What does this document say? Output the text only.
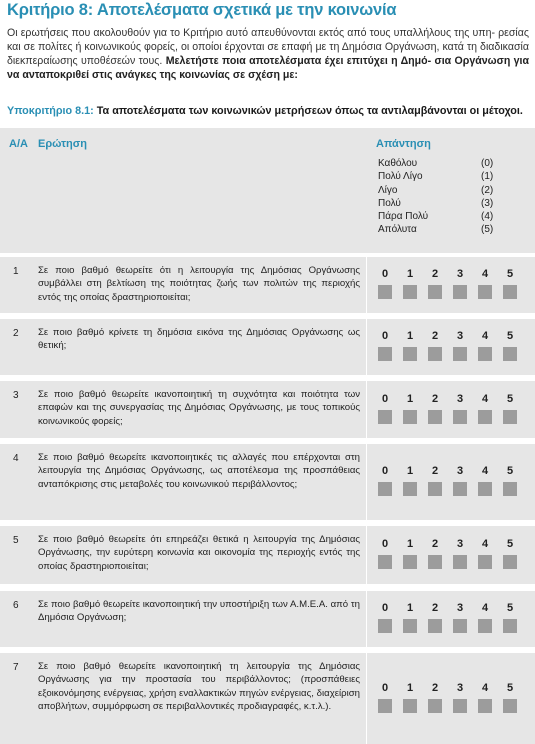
Κριτήριο 8: Αποτελέσματα σχετικά με την κοινωνία
Οι ερωτήσεις που ακολουθούν για το Κριτήριο αυτό απευθύνονται εκτός από τους υπαλλήλους της υπη- ρεσίας και σε πολίτες ή κοινωνικούς φορείς, οι οποίοι έρχονται σε επαφή με τη Δημόσια Οργάνωση, κατά τη διαδικασία διεκπεραίωσης υποθέσεών τους. Μελετήστε ποια αποτελέσματα έχει επιτύχει η Δημό- σια Οργάνωση για να ανταποκριθεί στις ανάγκες της κοινωνίας σε σχέση με:
Υποκριτήριο 8.1: Τα αποτελέσματα των κοινωνικών μετρήσεων όπως τα αντιλαμβάνονται οι μέτοχοι.
Α/Α Ερώτηση	Απάντηση
Καθόλου	(0)
Πολύ Λίγο	(1)
Λίγο	(2)
Πολύ	(3)
Πάρα Πολύ	(4)
Απόλυτα	(5)
1 Σε ποιο βαθμό θεωρείτε ότι η λειτουργία της Δημόσιας Οργάνωσης συμβάλλει στη βελτίωση της ποιότητας ζωής των πολιτών της περιοχής εντός της οποίας δραστηριοποιείται;
0	1	2	3	4	5
2 Σε ποιο βαθμό κρίνετε τη δημόσια εικόνα της Δημόσιας Οργάνωσης ως θετική;
0	1	2	3	4	5
3 Σε ποιο βαθμό θεωρείτε ικανοποιητική τη συχνότητα και ποιότητα των επαφών και της συνεργασίας της Δημόσιας Οργάνωσης, με τους τοπικούς κοινωνικούς φορείς;
0	1	2	3	4	5
4 Σε ποιο βαθμό θεωρείτε ικανοποιητικές τις αλλαγές που επέρχονται στη λειτουργία της Δημόσιας Οργάνωσης, ως αποτέλεσμα της προσπάθειας ανταπόκρισης στις μεταβολές του κοινωνικού περιβάλλοντος;
0	1	2	3	4	5
5 Σε ποιο βαθμό θεωρείτε ότι επηρεάζει θετικά η λειτουργία της Δημόσιας Οργάνωσης, την ευρύτερη κοινωνία και οικονομία της περιοχής εντός της οποίας δραστηριοποιείται;
0	1	2	3	4	5
6 Σε ποιο βαθμό θεωρείτε ικανοποιητική την υποστήριξη των Α.Μ.Ε.Α. από τη Δημόσια Οργάνωση;
0	1	2	3	4	5
7 Σε ποιο βαθμό θεωρείτε ικανοποιητική τη λειτουργία της Δημόσιας Οργάνωσης για την προστασία του περιβάλλοντος; (προσπάθειες εξοικονόμησης ενέργειας, χρήση εναλλακτικών πηγών ενέργειας, διαχείριση αποβλήτων, συμμόρφωση σε περιβαλλοντικές προδιαγραφές, κ.τ.λ.).
0	1	2	3	4	5
